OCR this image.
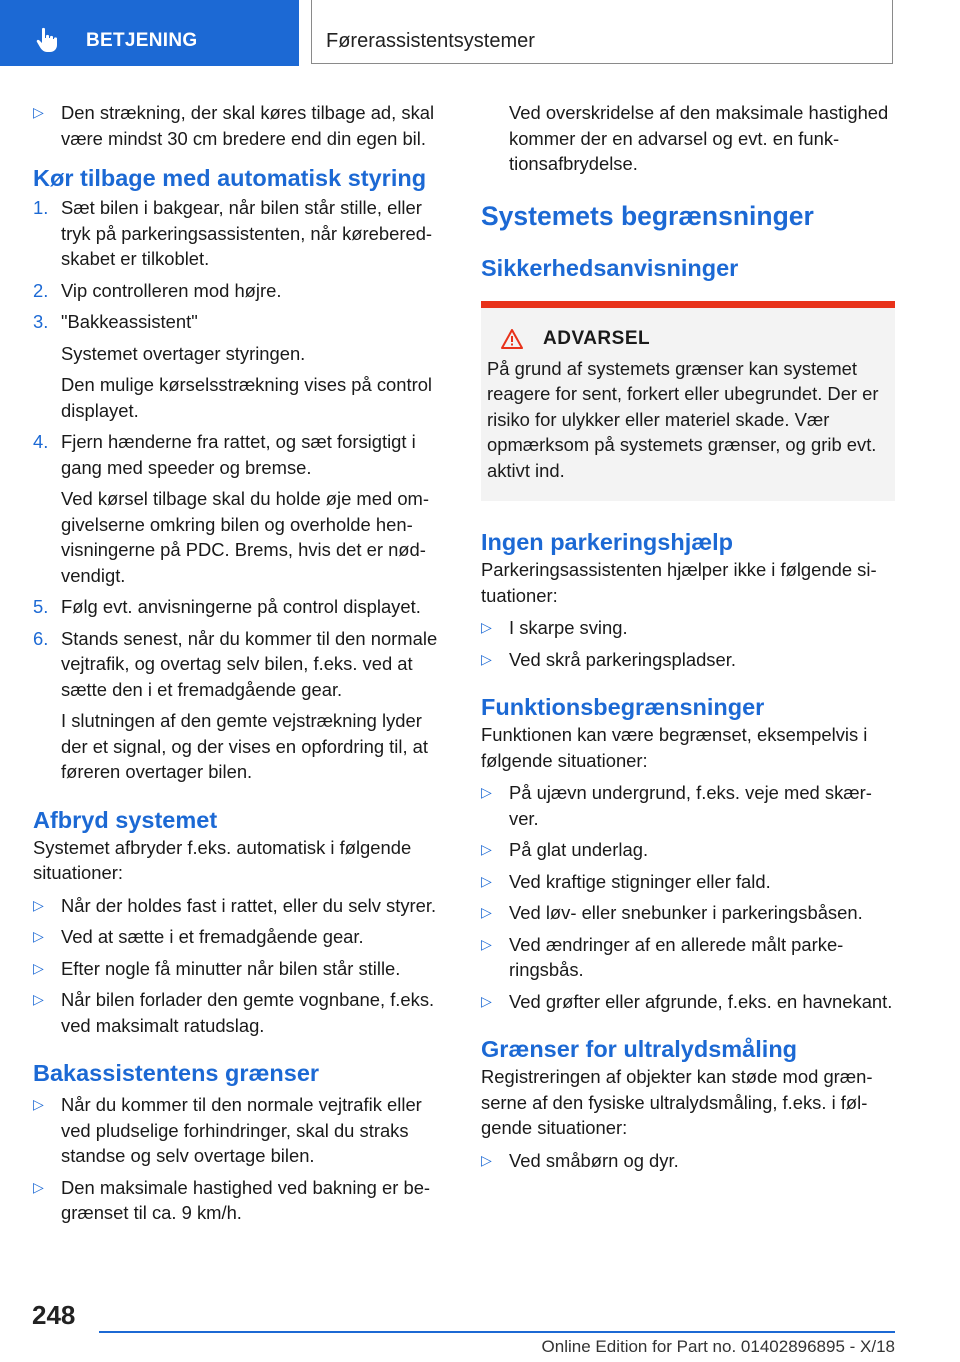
BETJENING	Førerassistentsystemer
▷ Den strækning, der skal køres tilbage ad, skal være mindst 30 cm bredere end din egen bil.
Kør tilbage med automatisk styring
1. Sæt bilen i bakgear, når bilen står stille, eller tryk på parkeringsassistenten, når køreberedskabet er tilkoblet.
2. Vip controlleren mod højre.
3. "Bakkeassistent"

Systemet overtager styringen.

Den mulige kørselsstrækning vises på control displayet.

4. Fjern hænderne fra rattet, og sæt forsigtigt i gang med speeder og bremse.

Ved kørsel tilbage skal du holde øje med omgivelserne omkring bilen og overholde henvisningerne på PDC. Brems, hvis det er nødvendigt.

5. Følg evt. anvisningerne på control displayet.
6. Stands senest, når du kommer til den normale vejtrafik, og overtag selv bilen, f.eks. ved at sætte den i et fremadgående gear.

I slutningen af den gemte vejstrækning lyder der et signal, og der vises en opfordring til, at føreren overtager bilen.

Afbryd systemet

Systemet afbryder f.eks. automatisk i følgende situationer:

▷ Når der holdes fast i rattet, eller du selv styrer.
▷ Ved at sætte i et fremadgående gear.
▷ Efter nogle få minutter når bilen står stille.
▷ Når bilen forlader den gemte vognbane, f.eks. ved maksimalt ratudslag.
Bakassistentens grænser
▷ Når du kommer til den normale vejtrafik eller ved pludselige forhindringer, skal du straks standse og selv overtage bilen.
▷ Den maksimale hastighed ved bakning er begrænset til ca. 9 km/h.

Ved overskridelse af den maksimale hastighed kommer der en advarsel og evt. en funktionsafbrydelse.

Systemets begrænsninger
Sikkerhedsanvisninger
ADVARSEL

På grund af systemets grænser kan systemet reagere for sent, forkert eller ubegrundet. Der er risiko for ulykker eller materiel skade. Vær opmærksom på systemets grænser, og grib evt. aktivt ind.

Ingen parkeringshjælp

Parkeringsassistenten hjælper ikke i følgende situationer:

▷ I skarpe sving.
▷ Ved skrå parkeringspladser.
Funktionsbegrænsninger

Funktionen kan være begrænset, eksempelvis i følgende situationer:

▷ På ujævn undergrund, f.eks. veje med skærver.
▷ På glat underlag.
▷ Ved kraftige stigninger eller fald.
▷ Ved løv- eller snebunker i parkeringsbåsen.
▷ Ved ændringer af en allerede målt parkeringsbås.
▷ Ved grøfter eller afgrunde, f.eks. en havnekant.
Grænser for ultralydsmåling

Registreringen af objekter kan støde mod grænserne af den fysiske ultralydsmåling, f.eks. i følgende situationer:

▷ Ved småbørn og dyr.
248
Online Edition for Part no. 01402896895 - X/18
